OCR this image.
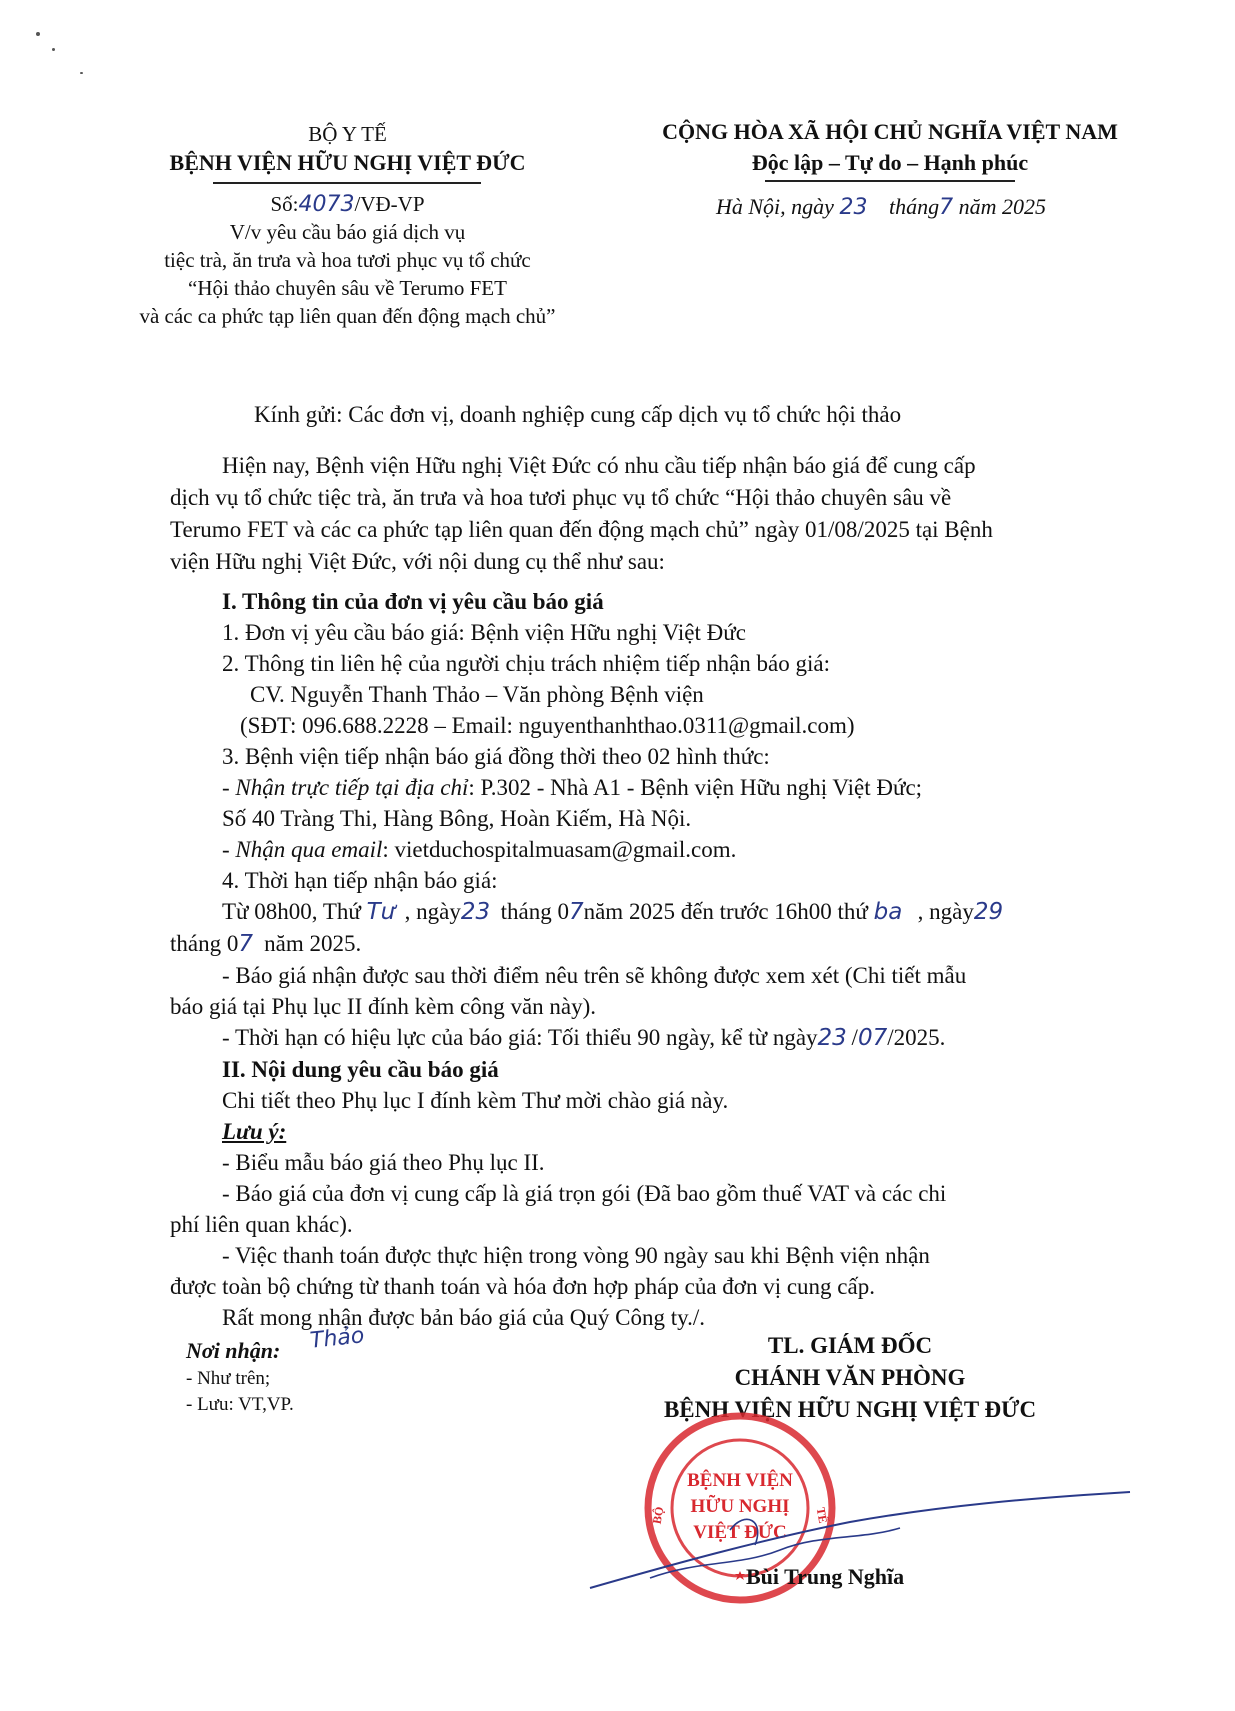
BỘ Y TẾ
BỆNH VIỆN HỮU NGHỊ VIỆT ĐỨC
Số:4073/VĐ-VP
V/v yêu cầu báo giá dịch vụ
tiệc trà, ăn trưa và hoa tươi phục vụ tổ chức
“Hội thảo chuyên sâu về Terumo FET
và các ca phức tạp liên quan đến động mạch chủ”
CỘNG HÒA XÃ HỘI CHỦ NGHĨA VIỆT NAM
Độc lập – Tự do – Hạnh phúc
Hà Nội, ngày 23 tháng7 năm 2025
Kính gửi: Các đơn vị, doanh nghiệp cung cấp dịch vụ tổ chức hội thảo
Hiện nay, Bệnh viện Hữu nghị Việt Đức có nhu cầu tiếp nhận báo giá để cung cấp
dịch vụ tổ chức tiệc trà, ăn trưa và hoa tươi phục vụ tổ chức “Hội thảo chuyên sâu về
Terumo FET và các ca phức tạp liên quan đến động mạch chủ” ngày 01/08/2025 tại Bệnh
viện Hữu nghị Việt Đức, với nội dung cụ thể như sau:
I. Thông tin của đơn vị yêu cầu báo giá
1. Đơn vị yêu cầu báo giá: Bệnh viện Hữu nghị Việt Đức
2. Thông tin liên hệ của người chịu trách nhiệm tiếp nhận báo giá:
CV. Nguyễn Thanh Thảo – Văn phòng Bệnh viện
(SĐT: 096.688.2228 – Email: nguyenthanhthao.0311@gmail.com)
3. Bệnh viện tiếp nhận báo giá đồng thời theo 02 hình thức:
- Nhận trực tiếp tại địa chỉ: P.302 - Nhà A1 - Bệnh viện Hữu nghị Việt Đức;
Số 40 Tràng Thi, Hàng Bông, Hoàn Kiếm, Hà Nội.
- Nhận qua email: vietduchospitalmuasam@gmail.com.
4. Thời hạn tiếp nhận báo giá:
Từ 08h00, Thứ Tư , ngày23 tháng 07năm 2025 đến trước 16h00 thứ ba , ngày29
tháng 07 năm 2025.
- Báo giá nhận được sau thời điểm nêu trên sẽ không được xem xét (Chi tiết mẫu
báo giá tại Phụ lục II đính kèm công văn này).
- Thời hạn có hiệu lực của báo giá: Tối thiểu 90 ngày, kể từ ngày23 /07/2025.
II. Nội dung yêu cầu báo giá
Chi tiết theo Phụ lục I đính kèm Thư mời chào giá này.
Lưu ý:
- Biểu mẫu báo giá theo Phụ lục II.
- Báo giá của đơn vị cung cấp là giá trọn gói (Đã bao gồm thuế VAT và các chi
phí liên quan khác).
- Việc thanh toán được thực hiện trong vòng 90 ngày sau khi Bệnh viện nhận
được toàn bộ chứng từ thanh toán và hóa đơn hợp pháp của đơn vị cung cấp.
Rất mong nhận được bản báo giá của Quý Công ty./.
Nơi nhận:
- Như trên;
- Lưu: VT,VP.
Thảo	TL. GIÁM ĐỐC
CHÁNH VĂN PHÒNG
BỆNH VIỆN HỮU NGHỊ VIỆT ĐỨC
BỆNH VIỆN
HỮU NGHỊ
VIỆT ĐỨC
BỘ	TẾ
Bùi Trung Nghĩa
